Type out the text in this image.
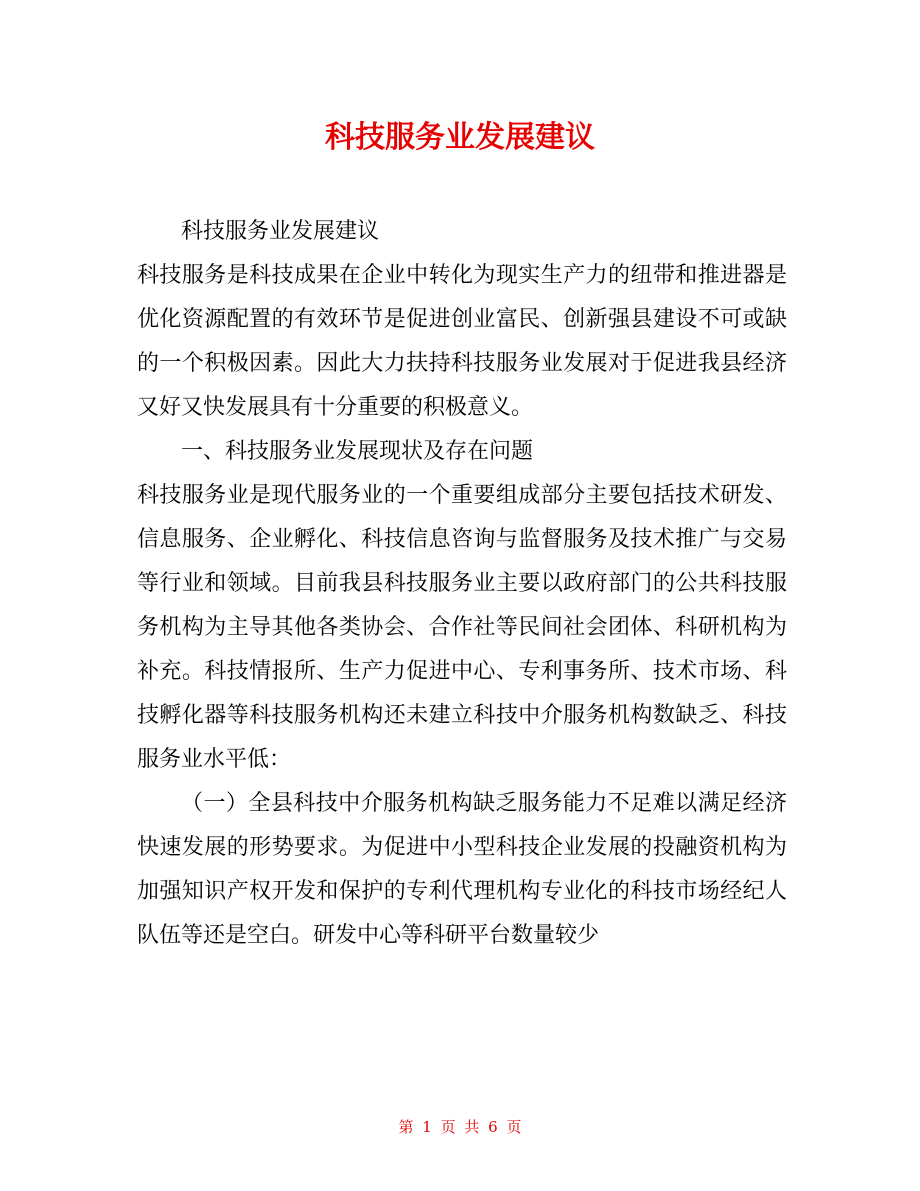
科技服务业发展建议

科技服务业发展建议

科技服务是科技成果在企业中转化为现实生产力的纽带和推进器是优化资源配置的有效环节是促进创业富民、创新强县建设不可或缺的一个积极因素。因此大力扶持科技服务业发展对于促进我县经济又好又快发展具有十分重要的积极意义。

一、科技服务业发展现状及存在问题

科技服务业是现代服务业的一个重要组成部分主要包括技术研发、信息服务、企业孵化、科技信息咨询与监督服务及技术推广与交易等行业和领域。目前我县科技服务业主要以政府部门的公共科技服务机构为主导其他各类协会、合作社等民间社会团体、科研机构为补充。科技情报所、生产力促进中心、专利事务所、技术市场、科技孵化器等科技服务机构还未建立科技中介服务机构数缺乏、科技服务业水平低：

（一）全县科技中介服务机构缺乏服务能力不足难以满足经济快速发展的形势要求。为促进中小型科技企业发展的投融资机构为加强知识产权开发和保护的专利代理机构专业化的科技市场经纪人队伍等还是空白。研发中心等科研平台数量较少

第 1 页 共 6 页
